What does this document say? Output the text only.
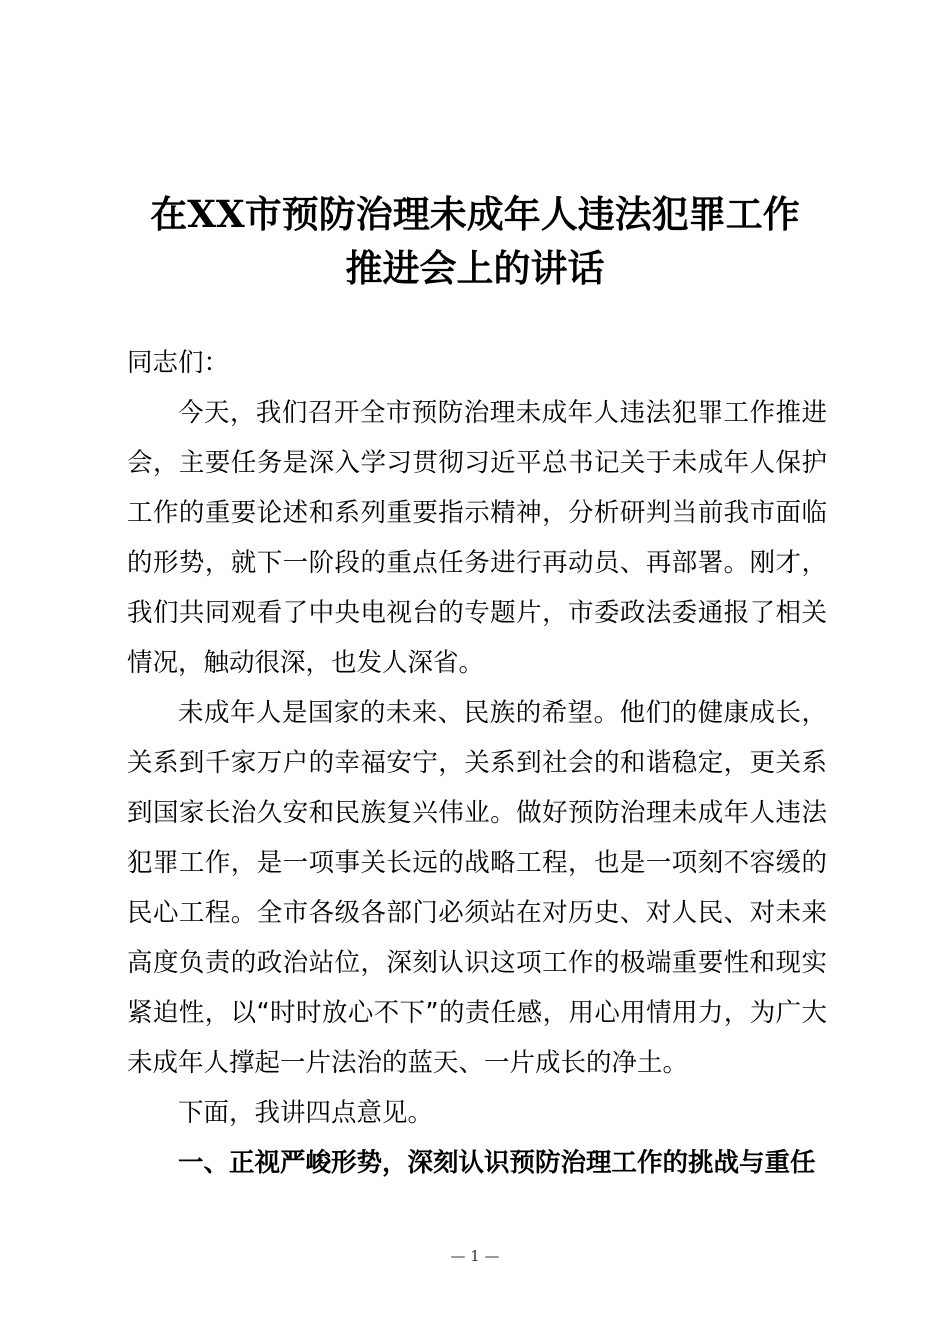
在XX市预防治理未成年人违法犯罪工作
推进会上的讲话
同志们：

今天，我们召开全市预防治理未成年人违法犯罪工作推进会，主要任务是深入学习贯彻习近平总书记关于未成年人保护工作的重要论述和系列重要指示精神，分析研判当前我市面临的形势，就下一阶段的重点任务进行再动员、再部署。刚才，我们共同观看了中央电视台的专题片，市委政法委通报了相关情况，触动很深，也发人深省。

未成年人是国家的未来、民族的希望。他们的健康成长，关系到千家万户的幸福安宁，关系到社会的和谐稳定，更关系到国家长治久安和民族复兴伟业。做好预防治理未成年人违法犯罪工作，是一项事关长远的战略工程，也是一项刻不容缓的民心工程。全市各级各部门必须站在对历史、对人民、对未来高度负责的政治站位，深刻认识这项工作的极端重要性和现实紧迫性，以“时时放心不下”的责任感，用心用情用力，为广大未成年人撑起一片法治的蓝天、一片成长的净土。

下面，我讲四点意见。

一、正视严峻形势，深刻认识预防治理工作的挑战与重任

— 1 —
